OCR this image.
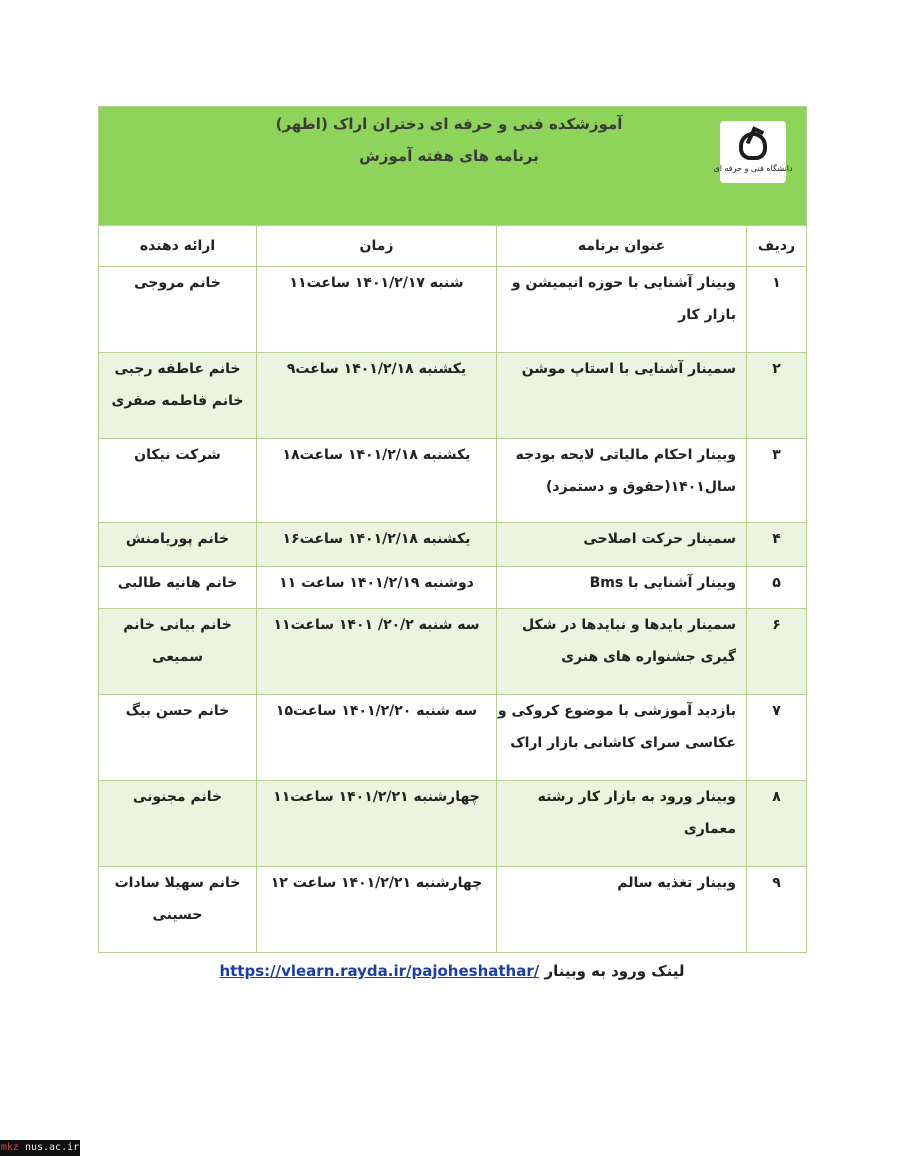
دانشگاه فنی و حرفه ای
آموزشکده فنی و حرفه ای دختران اراک (اطهر)
برنامه های هفته آموزش			

ردیف	عنوان برنامه	زمان	ارائه دهنده
۱	وبینار آشنایی با حوزه انیمیشن و بازار کار	شنبه ۱۴۰۱/۲/۱۷ ساعت۱۱	خانم مروجی
۲	سمینار آشنایی با استاپ موشن	یکشنبه ۱۴۰۱/۲/۱۸ ساعت۹	خانم عاطفه رجبی خانم فاطمه صفری
۳	وبینار احکام مالیاتی لایحه بودجه سال۱۴۰۱(حقوق و دستمزد)	یکشنبه ۱۴۰۱/۲/۱۸ ساعت۱۸	شرکت نیکان
۴	سمینار حرکت اصلاحی	یکشنبه ۱۴۰۱/۲/۱۸ ساعت۱۶	خانم پوریامنش
۵	وبینار آشنایی با Bms	دوشنبه ۱۴۰۱/۲/۱۹ ساعت ۱۱	خانم هانیه طالبی
۶	سمینار بایدها و نبایدها در شکل گیری جشنواره های هنری	سه شنبه ۲۰/۲/ ۱۴۰۱ ساعت۱۱	خانم بیانی خانم سمیعی
۷	بازدید آموزشی با موضوع کروکی و عکاسی سرای کاشانی بازار اراک	سه شنبه ۱۴۰۱/۲/۲۰ ساعت۱۵	خانم حسن بیگ
۸	وبینار ورود به بازار کار رشته معماری	چهارشنبه ۱۴۰۱/۲/۲۱ ساعت۱۱	خانم مجنونی
۹	وبینار تغذیه سالم	چهارشنبه ۱۴۰۱/۲/۲۱ ساعت ۱۲	خانم سهیلا سادات حسینی
لینک ورود به وبینار https://vlearn.rayda.ir/pajoheshathar/
mkz nus.ac.ir
